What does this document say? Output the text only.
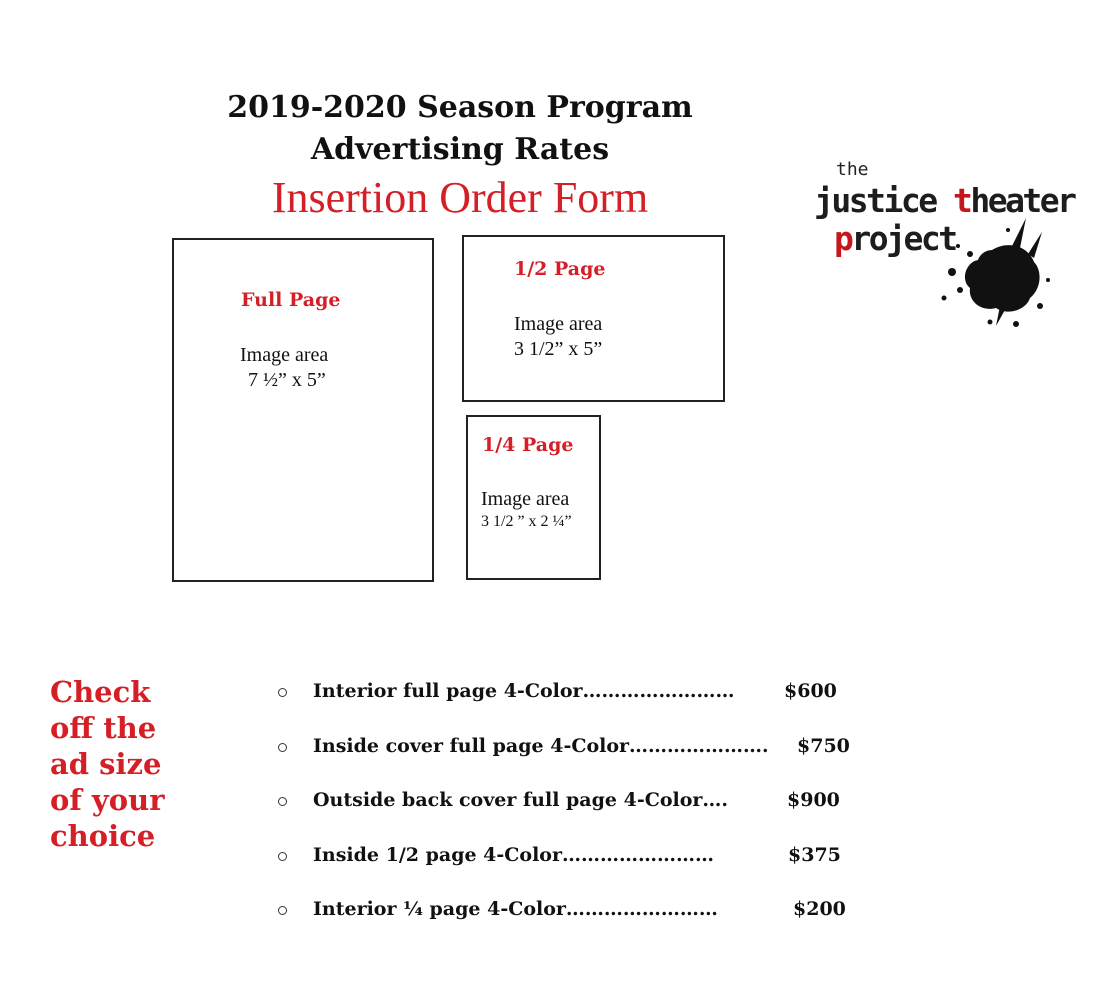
2019-2020 Season Program
Advertising Rates
Insertion Order Form
the
justice theater
project
Full Page
Image area
7 ½” x 5”
1/2 Page
Image area
3 1/2” x 5”
1/4 Page
Image area
3 1/2 ” x 2 ¼”
Check
off the
ad size
of your
choice
Interior full page 4-Color……………………	$600
Inside cover full page 4-Color…………………. $750
Outside back cover full page 4-Color….	$900
Inside 1/2 page 4-Color……………………	$375
Interior ¼ page 4-Color……………………	$200
